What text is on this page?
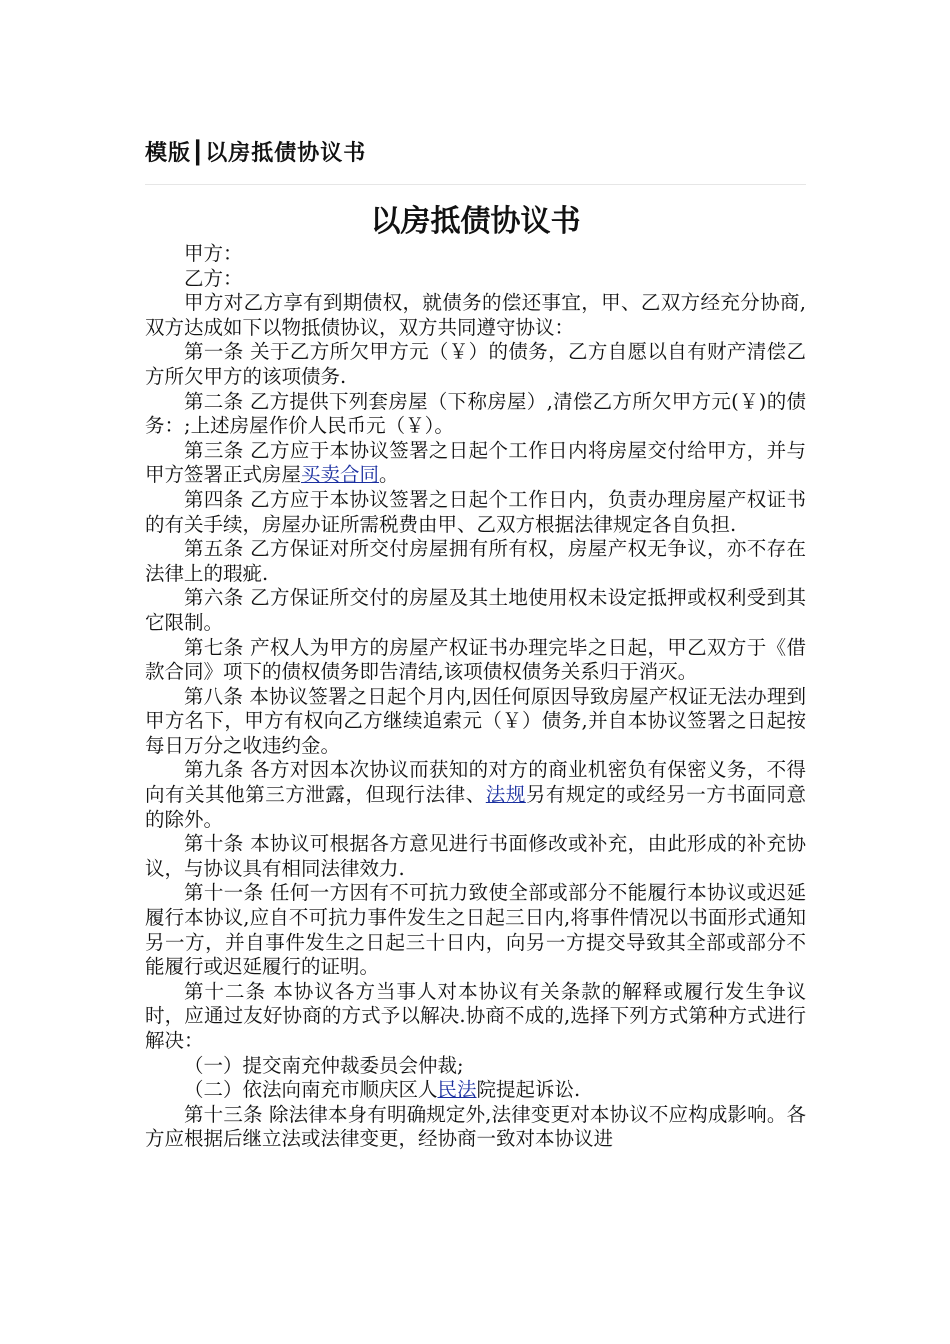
模版┃以房抵债协议书
以房抵债协议书

甲方：

乙方：

甲方对乙方享有到期债权，就债务的偿还事宜，甲、乙双方经充分协商,双方达成如下以物抵债协议，双方共同遵守协议：

第一条 关于乙方所欠甲方元（￥）的债务，乙方自愿以自有财产清偿乙方所欠甲方的该项债务.

第二条 乙方提供下列套房屋（下称房屋）,清偿乙方所欠甲方元(￥)的债务：;上述房屋作价人民币元（￥）。

第三条 乙方应于本协议签署之日起个工作日内将房屋交付给甲方，并与甲方签署正式房屋买卖合同。

第四条 乙方应于本协议签署之日起个工作日内，负责办理房屋产权证书的有关手续，房屋办证所需税费由甲、乙双方根据法律规定各自负担.

第五条 乙方保证对所交付房屋拥有所有权，房屋产权无争议，亦不存在法律上的瑕疵.

第六条 乙方保证所交付的房屋及其土地使用权未设定抵押或权利受到其它限制。

第七条 产权人为甲方的房屋产权证书办理完毕之日起，甲乙双方于《借款合同》项下的债权债务即告清结,该项债权债务关系归于消灭。

第八条 本协议签署之日起个月内,因任何原因导致房屋产权证无法办理到甲方名下，甲方有权向乙方继续追索元（￥）债务,并自本协议签署之日起按每日万分之收违约金。

第九条 各方对因本次协议而获知的对方的商业机密负有保密义务，不得向有关其他第三方泄露，但现行法律、法规另有规定的或经另一方书面同意的除外。

第十条 本协议可根据各方意见进行书面修改或补充，由此形成的补充协议，与协议具有相同法律效力.

第十一条 任何一方因有不可抗力致使全部或部分不能履行本协议或迟延履行本协议,应自不可抗力事件发生之日起三日内,将事件情况以书面形式通知另一方，并自事件发生之日起三十日内，向另一方提交导致其全部或部分不能履行或迟延履行的证明。

第十二条 本协议各方当事人对本协议有关条款的解释或履行发生争议时，应通过友好协商的方式予以解决.协商不成的,选择下列方式第种方式进行解决：

（一）提交南充仲裁委员会仲裁;

（二）依法向南充市顺庆区人民法院提起诉讼.

第十三条 除法律本身有明确规定外,法律变更对本协议不应构成影响。各方应根据后继立法或法律变更，经协商一致对本协议进
